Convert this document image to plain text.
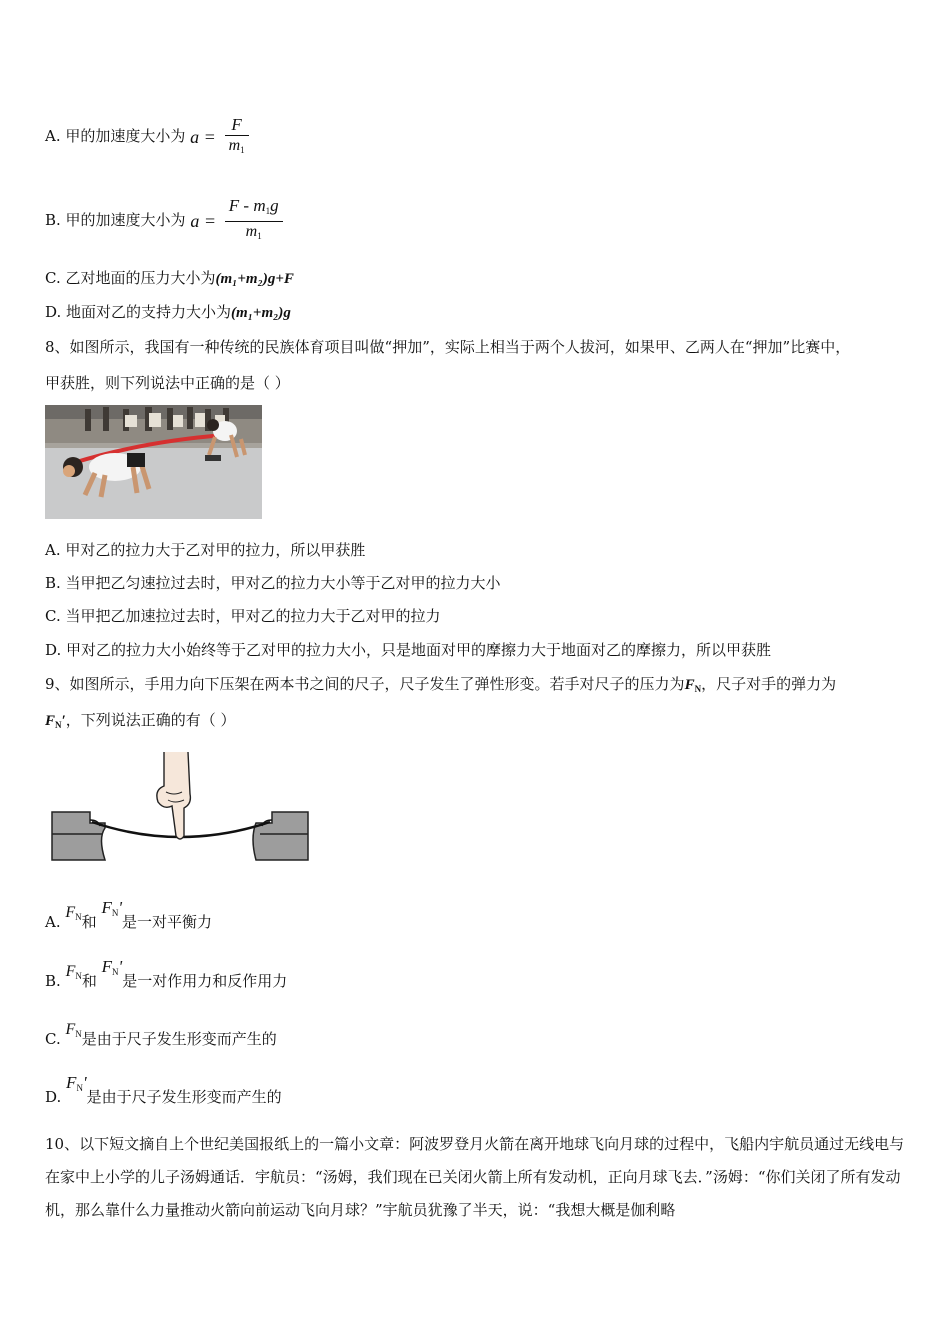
A. 甲的加速度大小为 $a = \frac{F}{m_1}$
B. 甲的加速度大小为 $a = \frac{F - m_1g}{m_1}$
C. 乙对地面的压力大小为(m₁+m₂)g+F
D. 地面对乙的支持力大小为(m₁+m₂)g
8、如图所示，我国有一种传统的民族体育项目叫做“押加”，实际上相当于两个人拔河，如果甲、乙两人在“押加”比赛中，
甲获胜，则下列说法中正确的是（ ）
A. 甲对乙的拉力大于乙对甲的拉力，所以甲获胜
B. 当甲把乙匀速拉过去时，甲对乙的拉力大小等于乙对甲的拉力大小
C. 当甲把乙加速拉过去时，甲对乙的拉力大于乙对甲的拉力
D. 甲对乙的拉力大小始终等于乙对甲的拉力大小，只是地面对甲的摩擦力大于地面对乙的摩擦力，所以甲获胜
9、如图所示，手用力向下压架在两本书之间的尺子，尺子发生了弹性形变。若手对尺子的压力为$F_N$，尺子对手的弹力为
$F_N'$，下列说法正确的有（ ）
A. $F_N$和 $F_N'$是一对平衡力
B. $F_N$和 $F_N'$是一对作用力和反作用力
C. $F_N$是由于尺子发生形变而产生的
D. $F_N'$是由于尺子发生形变而产生的
10、以下短文摘自上个世纪美国报纸上的一篇小文章：阿波罗登月火箭在离开地球飞向月球的过程中，飞船内宇航员通过无线电与在家中上小学的儿子汤姆通话．宇航员：“汤姆，我们现在已关闭火箭上所有发动机，正向月球飞去．”汤姆：“你们关闭了所有发动机，那么靠什么力量推动火箭向前运动飞向月球？”宇航员犹豫了半天，说：“我想大概是伽利略
